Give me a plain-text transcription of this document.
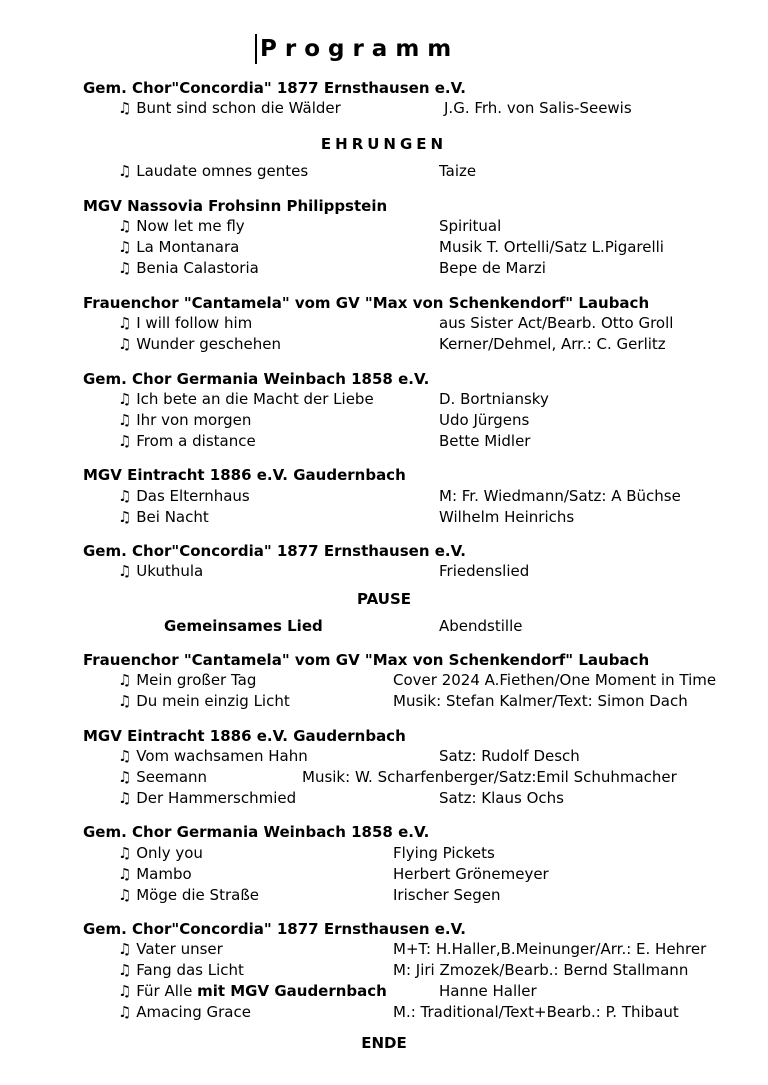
Programm
Gem. Chor"Concordia" 1877 Ernsthausen e.V.
♫ Bunt sind schon die Wälder	J.G. Frh. von Salis-Seewis
EHRUNGEN
♫ Laudate omnes gentes	Taize
MGV Nassovia Frohsinn Philippstein
♫ Now let me fly	Spiritual
♫ La Montanara	Musik T. Ortelli/Satz L.Pigarelli
♫ Benia Calastoria	Bepe de Marzi
Frauenchor "Cantamela" vom GV "Max von Schenkendorf" Laubach
♫ I will follow him	aus Sister Act/Bearb. Otto Groll
♫ Wunder geschehen	Kerner/Dehmel, Arr.: C. Gerlitz
Gem. Chor Germania Weinbach 1858 e.V.
♫ Ich bete an die Macht der Liebe	D. Bortniansky
♫ Ihr von morgen	Udo Jürgens
♫ From a distance	Bette Midler
MGV Eintracht 1886 e.V. Gaudernbach
♫ Das Elternhaus	M: Fr. Wiedmann/Satz: A Büchse
♫ Bei Nacht	Wilhelm Heinrichs
Gem. Chor"Concordia" 1877 Ernsthausen e.V.
♫ Ukuthula	Friedenslied
PAUSE
Gemeinsames Lied	Abendstille
Frauenchor "Cantamela" vom GV "Max von Schenkendorf" Laubach
♫ Mein großer Tag	Cover 2024 A.Fiethen/One Moment in Time
♫ Du mein einzig Licht	Musik: Stefan Kalmer/Text: Simon Dach
MGV Eintracht 1886 e.V. Gaudernbach
♫ Vom wachsamen Hahn	Satz: Rudolf Desch
♫ Seemann	Musik: W. Scharfenberger/Satz:Emil Schuhmacher
♫ Der Hammerschmied	Satz: Klaus Ochs
Gem. Chor Germania Weinbach 1858 e.V.
♫ Only you	Flying Pickets
♫ Mambo	Herbert Grönemeyer
♫ Möge die Straße	Irischer Segen
Gem. Chor"Concordia" 1877 Ernsthausen e.V.
♫ Vater unser	M+T: H.Haller,B.Meinunger/Arr.: E. Hehrer
♫ Fang das Licht	M: Jiri Zmozek/Bearb.: Bernd Stallmann
♫ Für Alle mit MGV Gaudernbach	Hanne Haller
♫ Amacing Grace	M.: Traditional/Text+Bearb.: P. Thibaut
ENDE
